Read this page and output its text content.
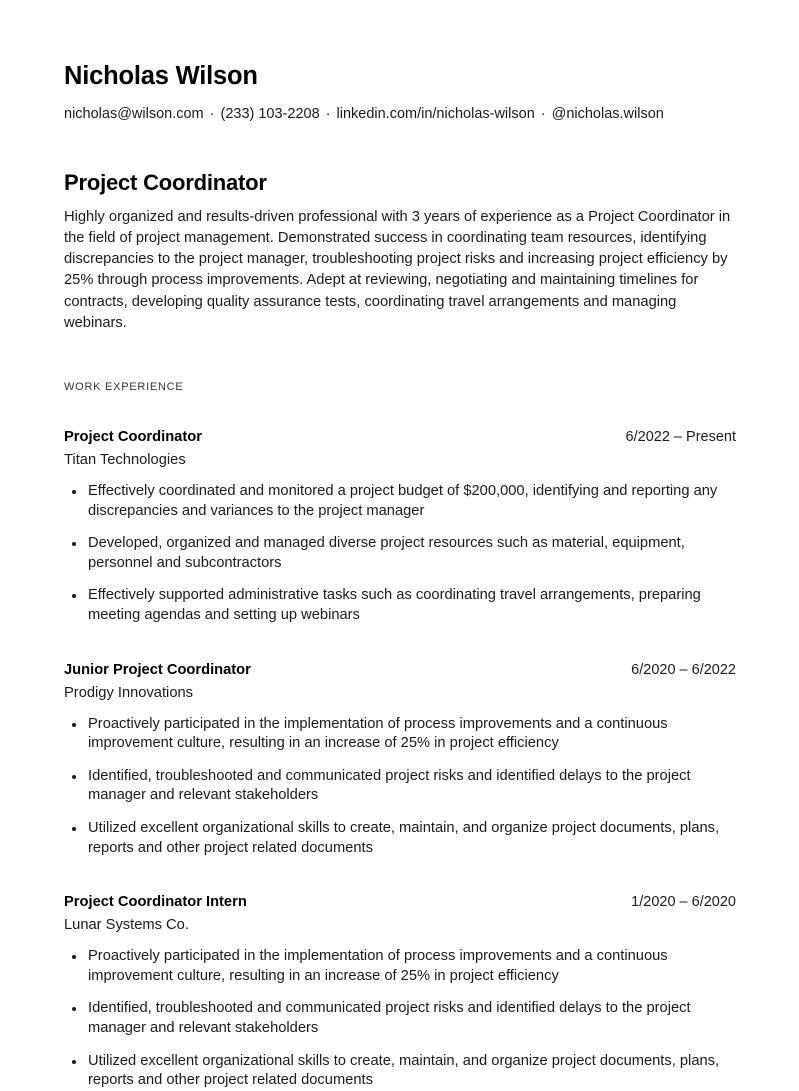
Nicholas Wilson

nicholas@wilson.com · (233) 103-2208 · linkedin.com/in/nicholas-wilson · @nicholas.wilson

Project Coordinator

Highly organized and results-driven professional with 3 years of experience as a Project Coordinator in the field of project management. Demonstrated success in coordinating team resources, identifying discrepancies to the project manager, troubleshooting project risks and increasing project efficiency by 25% through process improvements. Adept at reviewing, negotiating and maintaining timelines for contracts, developing quality assurance tests, coordinating travel arrangements and managing webinars.

WORK EXPERIENCE
Project Coordinator	6/2022 – Present
Titan Technologies
Effectively coordinated and monitored a project budget of $200,000, identifying and reporting any discrepancies and variances to the project manager
Developed, organized and managed diverse project resources such as material, equipment, personnel and subcontractors
Effectively supported administrative tasks such as coordinating travel arrangements, preparing meeting agendas and setting up webinars
Junior Project Coordinator	6/2020 – 6/2022
Prodigy Innovations
Proactively participated in the implementation of process improvements and a continuous improvement culture, resulting in an increase of 25% in project efficiency
Identified, troubleshooted and communicated project risks and identified delays to the project manager and relevant stakeholders
Utilized excellent organizational skills to create, maintain, and organize project documents, plans, reports and other project related documents
Project Coordinator Intern	1/2020 – 6/2020
Lunar Systems Co.
Proactively participated in the implementation of process improvements and a continuous improvement culture, resulting in an increase of 25% in project efficiency
Identified, troubleshooted and communicated project risks and identified delays to the project manager and relevant stakeholders
Utilized excellent organizational skills to create, maintain, and organize project documents, plans, reports and other project related documents
